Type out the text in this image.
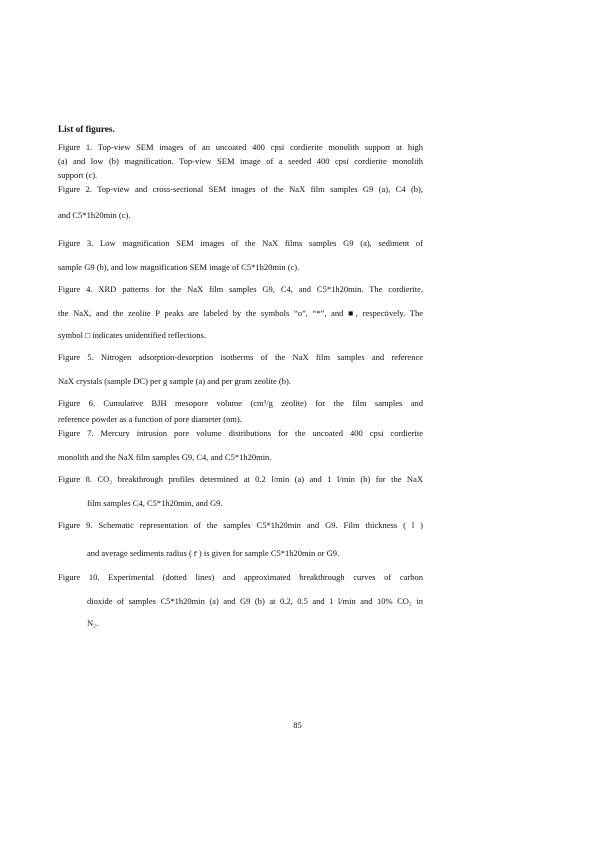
List of figures.
Figure 1. Top-view SEM images of an uncoated 400 cpsi cordierite monolith support at high
(a) and low (b) magnification. Top-view SEM image of a seeded 400 cpsi cordierite monolith
support (c).
Figure 2. Top-view and cross-sectional SEM images of the NaX film samples G9 (a), C4 (b),
and C5*1h20min (c).
Figure 3. Low magnification SEM images of the NaX films samples G9 (a), sediment of
sample G9 (b), and low magnification SEM image of C5*1h20min (c).
Figure 4. XRD patterns for the NaX film samples G9, C4, and C5*1h20min. The cordierite,
the NaX, and the zeolite P peaks are labeled by the symbols “o”, “*”, and ■, respectively. The
symbol □ indicates unidentified reflections.
Figure 5. Nitrogen adsorption-desorption isotherms of the NaX film samples and reference
NaX crystals (sample DC) per g sample (a) and per gram zeolite (b).
Figure 6. Cumulative BJH mesopore volume (cm³/g zeolite) for the film samples and
reference powder as a function of pore diameter (nm).
Figure 7. Mercury intrusion pore volume distributions for the uncoated 400 cpsi cordierite
monolith and the NaX film samples G9, C4, and C5*1h20min.
Figure 8. CO₂ breakthrough profiles determined at 0.2 l/min (a) and 1 l/min (b) for the NaX
film samples C4, C5*1h20min, and G9.
Figure 9. Schematic representation of the samples C5*1h20min and G9. Film thickness ( l )
and average sediments radius ( r̄ ) is given for sample C5*1h20min or G9.
Figure 10. Experimental (dotted lines) and approximated breakthrough curves of carbon
dioxide of samples C5*1h20min (a) and G9 (b) at 0.2, 0.5 and 1 l/min and 10% CO₂ in
N₂.
85
